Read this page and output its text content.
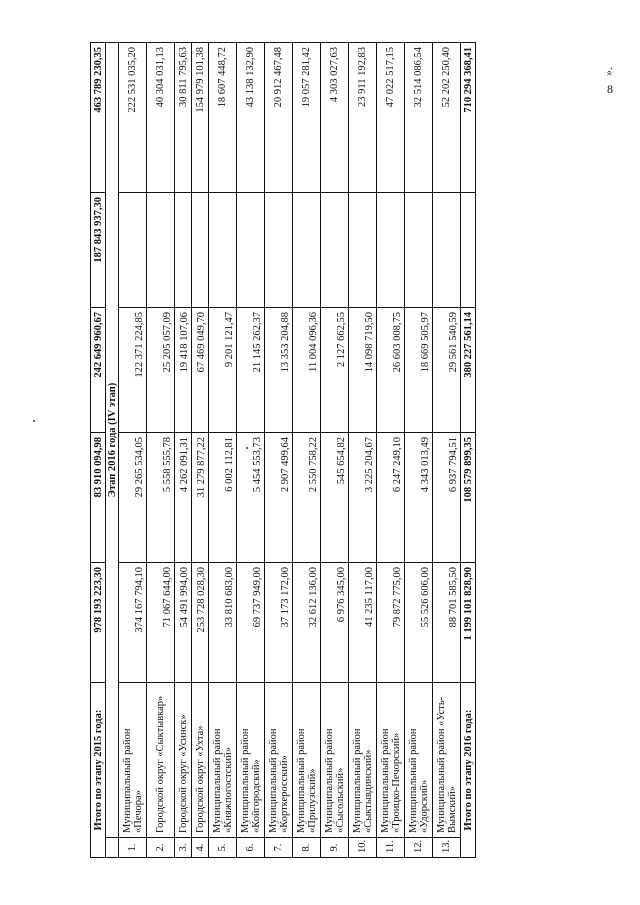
Итого по этапу 2015 года:		978 193 223,30	83 910 094,98	242 649 960,67	187 843 937,30	463 789 230,35
	Этап 2016 года (IV этап)					
1.	Муниципальный район «Печора»	374 167 794,10	29 265 534,05	122 371 224,85		222 531 035,20
2.	Городской округ «Сыктывкар»	71 067 644,00	5 558 555,78	25 205 057,09		40 304 031,13
3.	Городской округ «Усинск»	54 491 994,00	4 262 091,31	19 418 107,06		30 811 795,63
4.	Городской округ «Ухта»	253 728 028,30	31 279 877,22	67 469 049,70		154 979 101,38
5.	Муниципальный район «Княжпогостский»	33 810 683,00	6 002 112,81	9 201 121,47		18 607 448,72
6.	Муниципальный район «Койгородский»	69 737 949,00	5 454 553,73	21 145 262,37		43 138 132,90
7.	Муниципальный район «Корткеросский»	37 173 172,00	2 907 499,64	13 353 204,88		20 912 467,48
8.	Муниципальный район «Прилузский»	32 612 136,00	2 550 758,22	11 004 096,36		19 057 281,42
9.	Муниципальный район «Сысольский»	6 976 345,00	545 654,82	2 127 662,55		4 303 027,63
10.	Муниципальный район «Сыктывдинский»	41 235 117,00	3 225 204,67	14 098 719,50		23 911 192,83
11.	Муниципальный район «Троицко-Печорский»	79 872 775,00	6 247 249,10	26 603 008,75		47 022 517,15
12.	Муниципальный район «Удорский»	55 526 606,00	4 343 013,49	18 669 505,97		32 514 086,54
13.	Муниципальный район «Усть-Вымский»	88 701 585,50	6 937 794,51	29 561 540,59		52 202 250,40
Итого по этапу 2016 года:		1 199 101 828,90	108 579 899,35	380 227 561,14		710 294 368,41	».
8
